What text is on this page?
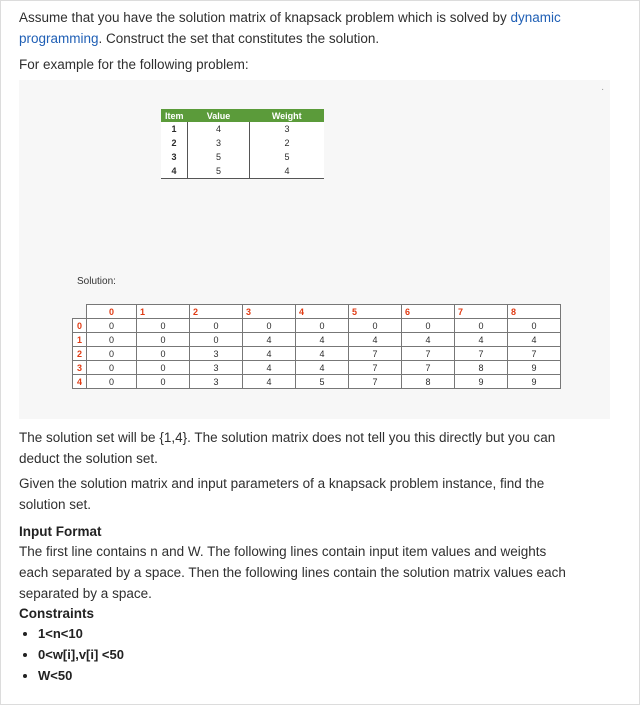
Assume that you have the solution matrix of knapsack problem which is solved by dynamic

programming. Construct the set that constitutes the solution.

For example for the following problem:

.
Item	Value	Weight
1	4	3
2	3	2
3	5	5
4	5	4
Solution:
	0	1	2	3	4	5	6	7	8
0	0	0	0	0	0	0	0	0	0
1	0	0	0	4	4	4	4	4	4
2	0	0	3	4	4	7	7	7	7
3	0	0	3	4	4	7	7	8	9
4	0	0	3	4	5	7	8	9	9

The solution set will be {1,4}. The solution matrix does not tell you this directly but you can

deduct the solution set.

Given the solution matrix and input parameters of a knapsack problem instance, find the

solution set.

Input Format

The first line contains n and W. The following lines contain input item values and weights

each separated by a space. Then the following lines contain the solution matrix values each

separated by a space.

Constraints

• 1<n<10
• 0<w[i],v[i] <50
• W<50
